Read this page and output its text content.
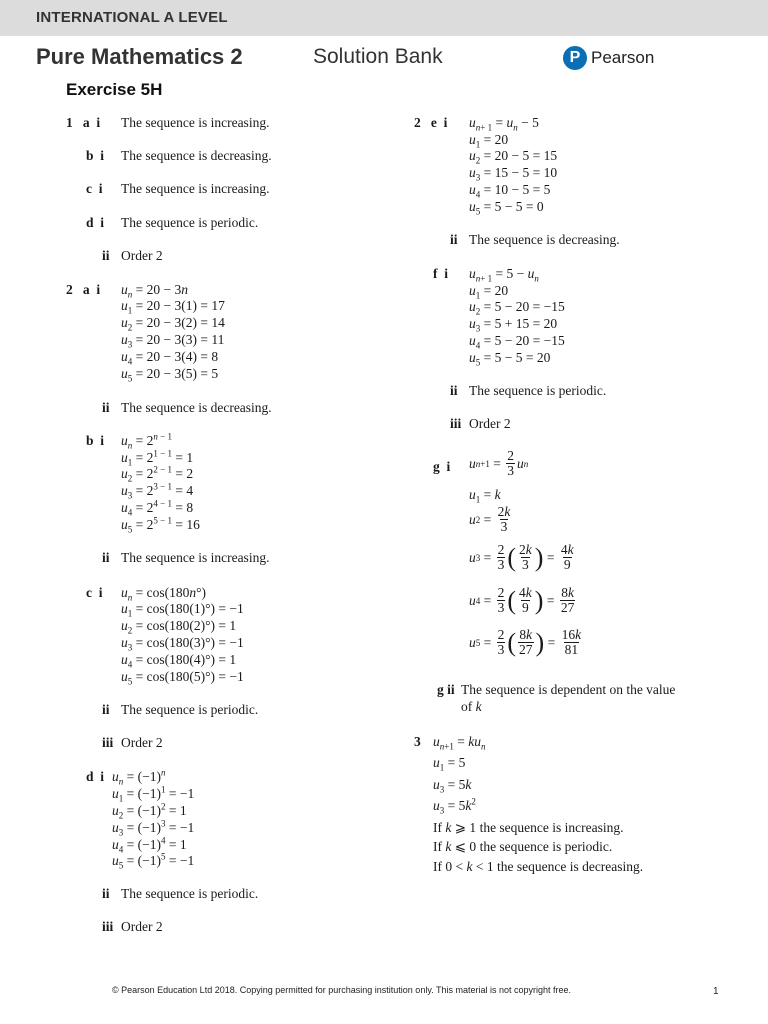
INTERNATIONAL A LEVEL
Pure Mathematics 2	Solution Bank	P Pearson
Exercise 5H
1   a  i The sequence is increasing.
b  i The sequence is decreasing.
c  i The sequence is increasing.
d  i The sequence is periodic.
ii Order 2
2   a  i $u_n = 20 - 3n$
$u_1 = 20 - 3(1) = 17$
$u_2 = 20 - 3(2) = 14$
$u_3 = 20 - 3(3) = 11$
$u_4 = 20 - 3(4) = 8$
$u_5 = 20 - 3(5) = 5$
ii The sequence is decreasing.
b  i $u_n = 2^{n - 1}$
$u_1 = 2^{1 - 1} = 1$
$u_2 = 2^{2 - 1} = 2$
$u_3 = 2^{3 - 1} = 4$
$u_4 = 2^{4 - 1} = 8$
$u_5 = 2^{5 - 1} = 16$
ii The sequence is increasing.
c  i $u_n = \cos(180n^\circ)$
$u_1 = \cos(180(1)^\circ) = -1$
$u_2 = \cos(180(2)^\circ) = 1$
$u_3 = \cos(180(3)^\circ) = -1$
$u_4 = \cos(180(4)^\circ) = 1$
$u_5 = \cos(180(5)^\circ) = -1$
ii The sequence is periodic.
iii Order 2
d  i $u_n = (-1)^n$
$u_1 = (-1)^1 = -1$
$u_2 = (-1)^2 = 1$
$u_3 = (-1)^3 = -1$
$u_4 = (-1)^4 = 1$
$u_5 = (-1)^5 = -1$
ii The sequence is periodic.
iii Order 2
2   e  i $u_{n+ 1} = u_n - 5$
$u_1 = 20$
$u_2 = 20 - 5 = 15$
$u_3 = 15 - 5 = 10$
$u_4 = 10 - 5 = 5$
$u_5 = 5 - 5 = 0$
ii The sequence is decreasing.
f  i $u_{n+ 1} = 5 - u_n$
$u_1 = 20$
$u_2 = 5 - 20 = -15$
$u_3 = 5 + 15 = 20$
$u_4 = 5 - 20 = -15$
$u_5 = 5 - 5 = 20$
ii The sequence is periodic.
iii Order 2
g  i u n+1 = 2
3 u n
$u_1 = k$
u 2 = 2k
3
u 3 = 2
3 ( 2k
3 ) = 4k
9
u 4 = 2
3 ( 4k
9 ) = 8k
27
u 5 = 2
3 ( 8k
27 ) = 16k
81
g ii The sequence is dependent on the value
of k
3 $u_{n+1} = ku_n$
$u_1 = 5$
$u_3 = 5k$
$u_3 = 5k^2$
If k ⩾ 1 the sequence is increasing.
If k ⩽ 0 the sequence is periodic.
If 0 < k < 1 the sequence is decreasing.
© Pearson Education Ltd 2018. Copying permitted for purchasing institution only. This material is not copyright free.	1
